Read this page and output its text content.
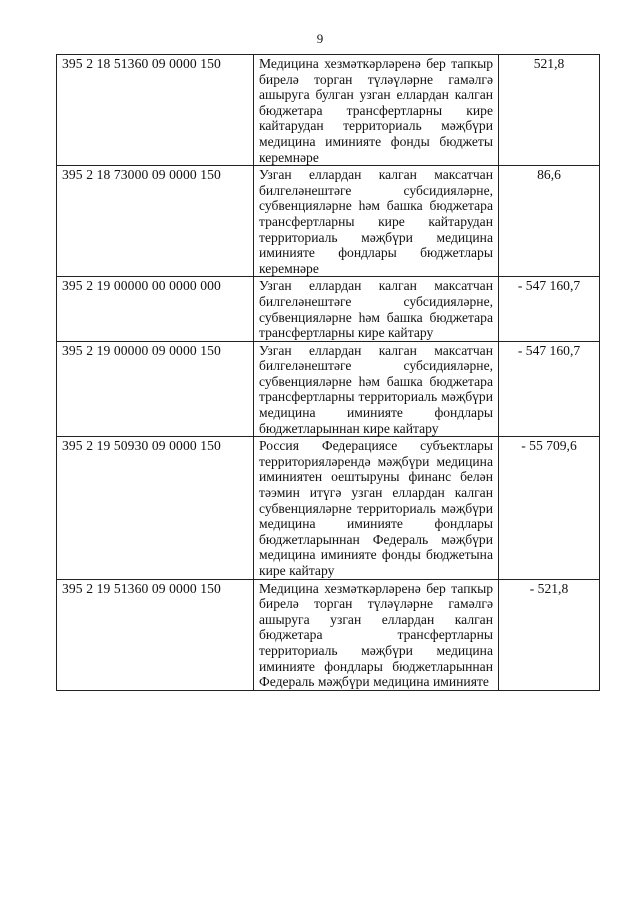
9
395 2 18 51360 09 0000 150	Медицина хезмәткәрләренә бер тапкыр бирелә торган түләүләрне гамәлгә ашыруга булган узган еллардан калган бюджетара трансфертларны кире кайтарудан территориаль мәҗбүри медицина иминияте фонды бюджеты керемнәре	521,8
395 2 18 73000 09 0000 150	Узган еллардан калган максатчан билгеләнештәге субсидияләрне, субвенцияләрне һәм башка бюджетара трансфертларны кире кайтарудан территориаль мәҗбүри медицина иминияте фондлары бюджетлары керемнәре	86,6
395 2 19 00000 00 0000 000	Узган еллардан калган максатчан билгеләнештәге субсидияләрне, субвенцияләрне һәм башка бюджетара трансфертларны кире кайтару	- 547 160,7
395 2 19 00000 09 0000 150	Узган еллардан калган максатчан билгеләнештәге субсидияләрне, субвенцияләрне һәм башка бюджетара трансфертларны территориаль мәҗбүри медицина иминияте фондлары бюджетларыннан кире кайтару	- 547 160,7
395 2 19 50930 09 0000 150	Россия Федерациясе субъектлары территорияләрендә мәҗбүри медицина иминиятен оештыруны финанс белән тәэмин итүгә узган еллардан калган субвенцияләрне территориаль мәҗбүри медицина иминияте фондлары бюджетларыннан Федераль мәҗбүри медицина иминияте фонды бюджетына кире кайтару	- 55 709,6
395 2 19 51360 09 0000 150	Медицина хезмәткәрләренә бер тапкыр бирелә торган түләүләрне гамәлгә ашыруга узган еллардан калган бюджетара трансфертларны территориаль мәҗбүри медицина иминияте фондлары бюджетларыннан Федераль мәҗбүри медицина иминияте	- 521,8
